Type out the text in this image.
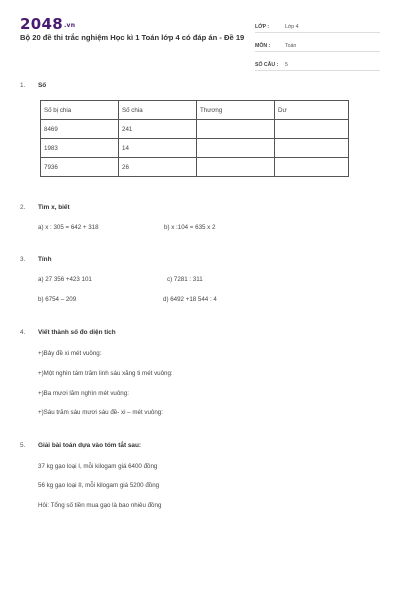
2048.vn
Bộ 20 đề thi trắc nghiệm Học kì 1 Toán lớp 4 có đáp án - Đề 19
LỚP :	Lớp 4
MÔN :	Toán
SỐ CÂU :	5
1.	Số
Số bị chia	Số chia	Thương	Dư
8469	241		
1983	14		
7936	26		
2.	Tìm x, biết
a) x : 305 = 642 + 318	b) x :104 = 635 x 2
3.	Tính
a) 27 356 +423 101	c) 7281 : 311
b) 6754 – 209	d) 6492 +18 544 : 4
4.	Viết thành số đo diện tích
+)Bảy đề xi mét vuông:
+)Một nghìn tám trăm linh sáu xăng ti mét vuông:
+)Ba mươi lăm nghìn mét vuông:
+)Sáu trăm sáu mươi sáu đề- xi – mét vuông:
5.	Giải bài toán dựa vào tóm tắt sau:
37 kg gạo loại I, mỗi kilogam giá 6400 đồng
56 kg gạo loại II, mỗi kilogam giá 5200 đồng
Hỏi: Tổng số tiền mua gạo là bao nhiêu đồng
